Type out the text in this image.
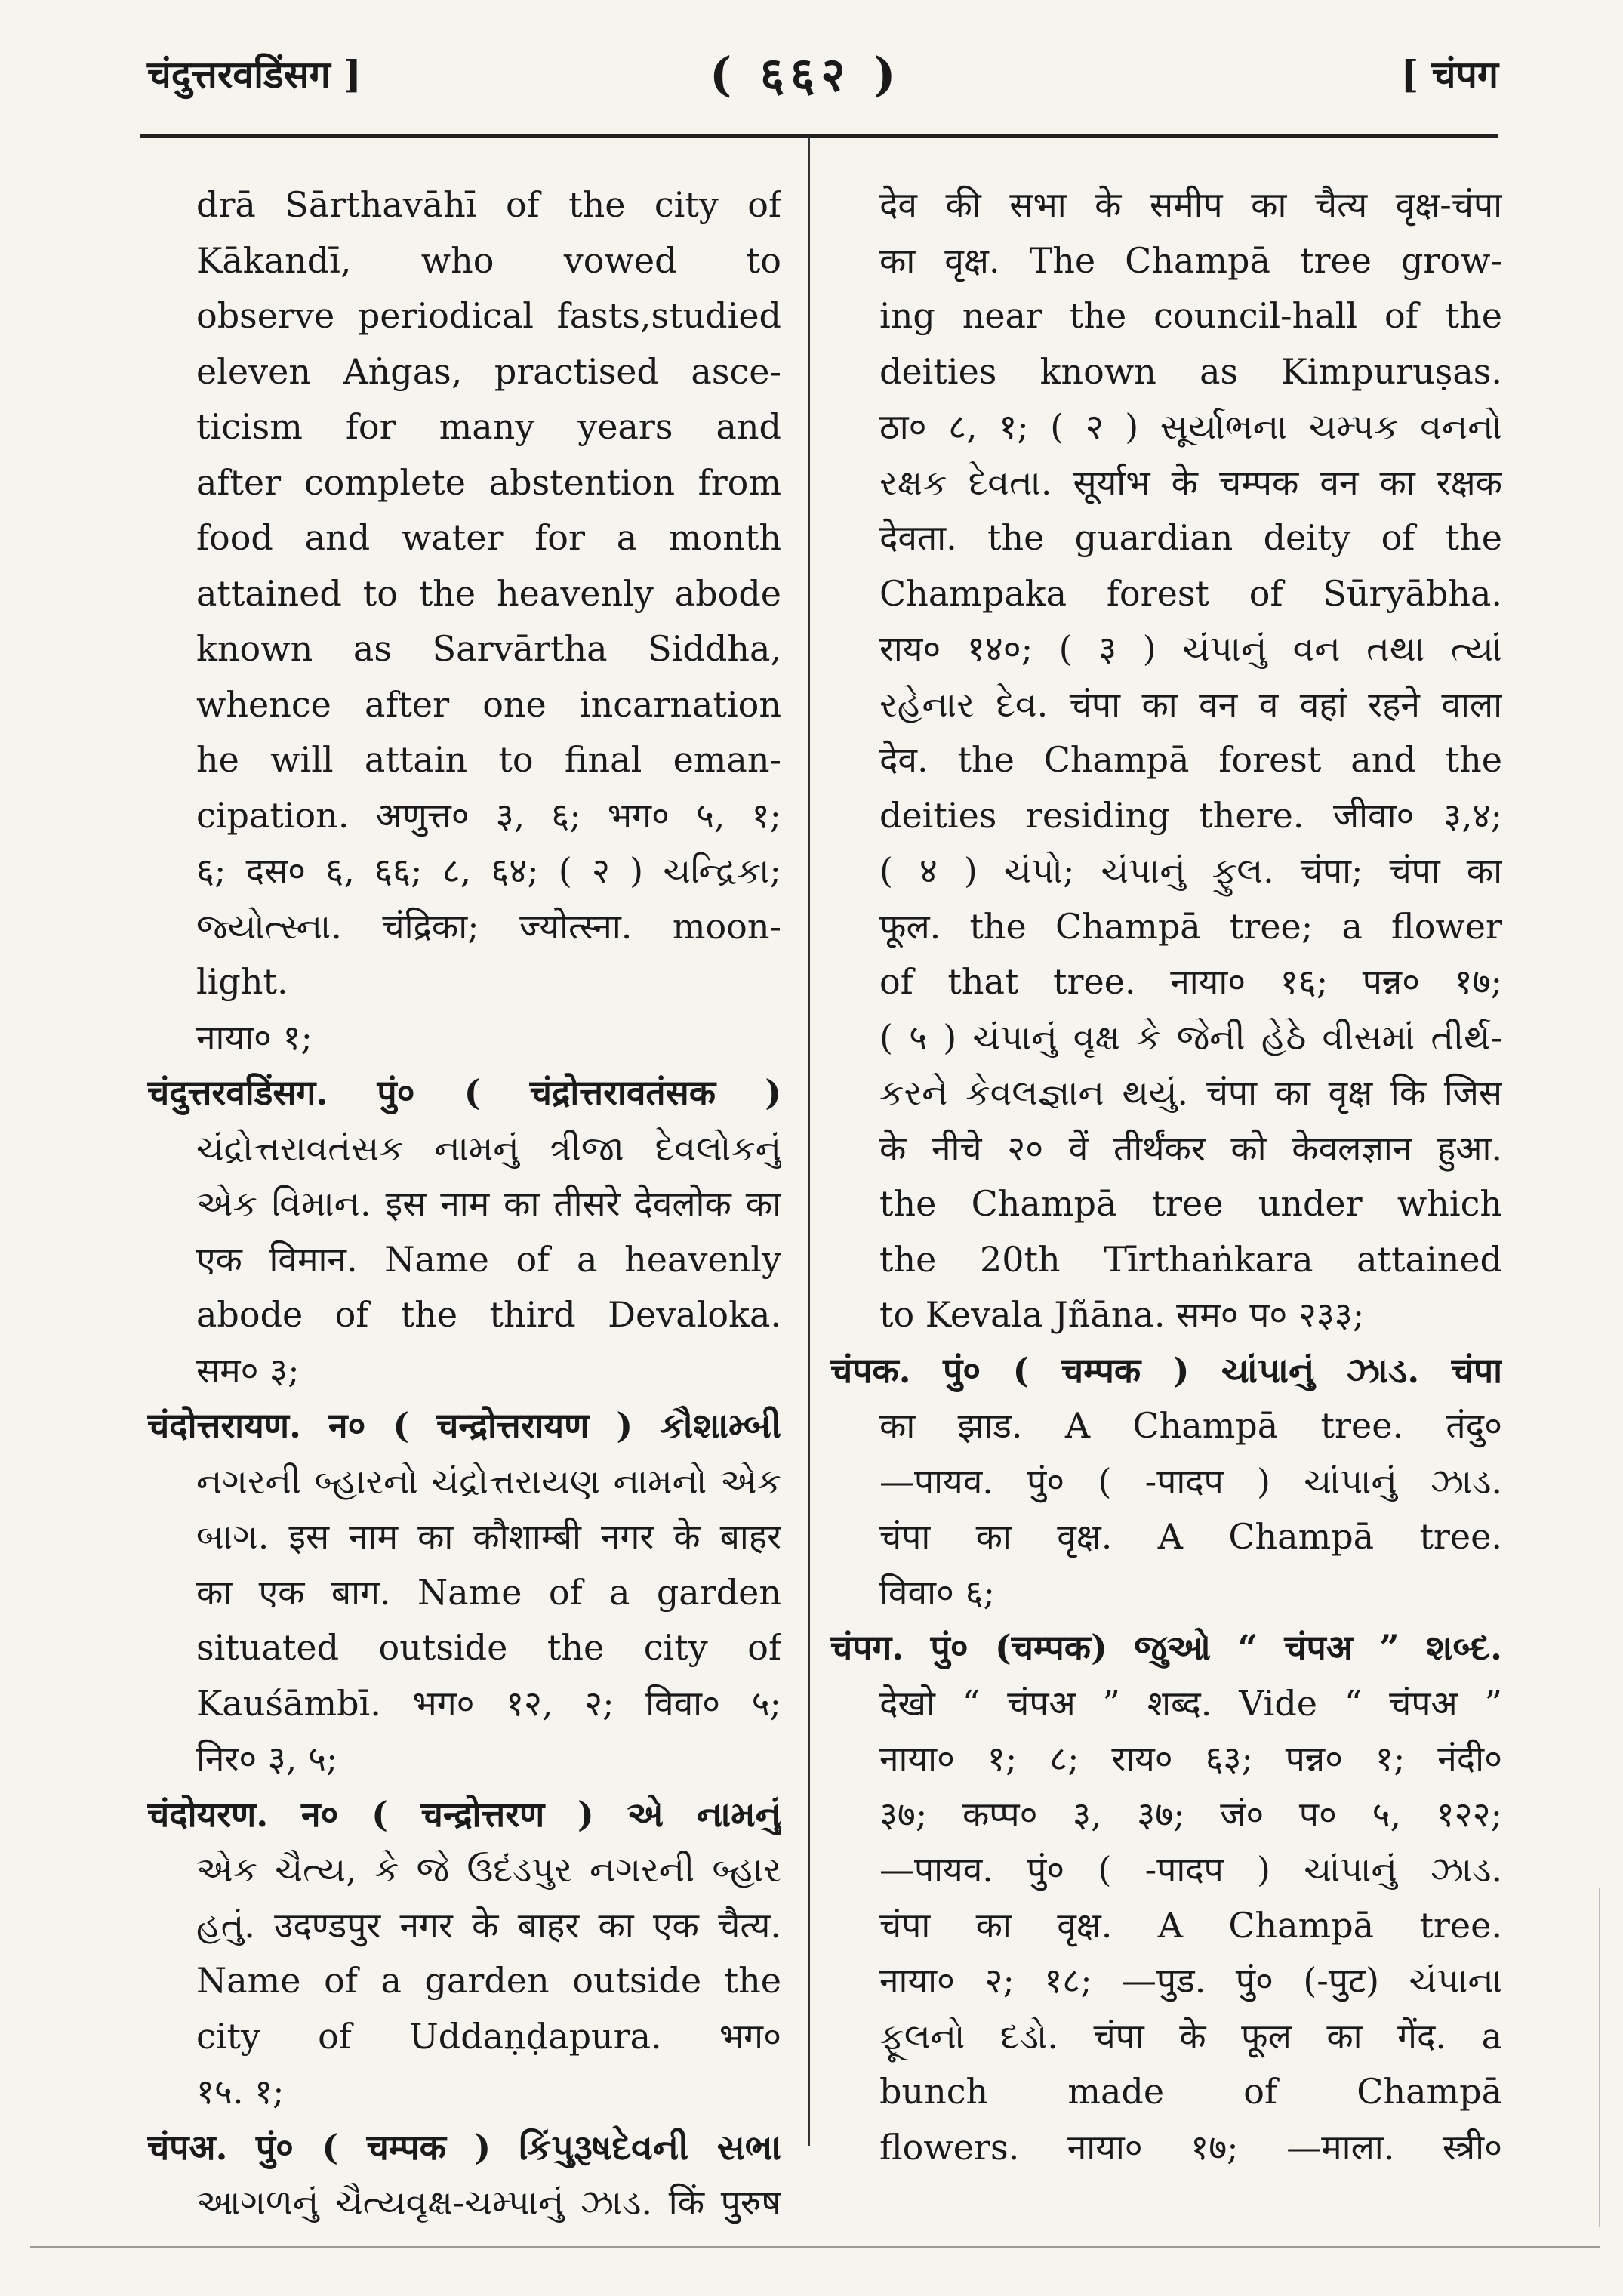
चंदुत्तरवडिंसग ]	( ६६२ )	[ चंपग
drā Sārthavāhī of the city of
Kākandī, who vowed to
observe periodical fasts,studied
eleven Aṅgas, practised asce-
ticism for many years and
after complete abstention from
food and water for a month
attained to the heavenly abode
known as Sarvārtha Siddha,
whence after one incarnation
he will attain to final eman-
cipation. अणुत्त० ३, ६; भग० ५, १;
६; दस० ६, ६६; ८, ६४; ( २ ) ચન્દ્રિકા;
જ્યોત્સ્ના. चंद्रिका; ज्योत्स्ना. moon-light.
नाया० १;
चंदुत्तरवडिंसग. पुं० ( चंद्रोत्तरावतंसक )
ચંદ્રોત્તરાવતંસક નામનું ત્રીજા દેવલોકનું
એક વિમાન. इस नाम का तीसरे देवलोक का
एक विमान. Name of a heavenly
abode of the third Devaloka.
सम० ३;
चंदोत्तरायण. न० ( चन्द्रोत्तरायण ) કૌશામ્બી
નગરની બ્હારનો ચંદ્રોત્તરાયણ નામનો એક
બાગ. इस नाम का कौशाम्बी नगर के बाहर
का एक बाग. Name of a garden
situated outside the city of
Kauśāmbī. भग० १२, २; विवा० ५;
निर० ३, ५;
चंदोयरण. न० ( चन्द्रोत्तरण ) એ નામનું
એક ચૈત્ય, કે જે ઉદંડપુર નગરની બ્હાર
હતું. उदण्डपुर नगर के बाहर का एक चैत्य.
Name of a garden outside the
city of Uddaṇḍapura. भग०
१५. १;
चंपअ. पुं० ( चम्पक ) કિંપુરૂષદેવની સભા
આગળનું ચૈત્યવૃક્ષ-ચમ્પાનું ઝાડ. किं पुरुष
देव की सभा के समीप का चैत्य वृक्ष-चंपा
का वृक्ष. The Champā tree grow-
ing near the council-hall of the
deities known as Kimpuruṣas.
ठा० ८, १; ( २ ) સૂર્યાભના ચમ્પક વનનો
રક્ષક દેવતા. सूर्याभ के चम्पक वन का रक्षक
देवता. the guardian deity of the
Champaka forest of Sūryābha.
राय० १४०; ( ३ ) ચંપાનું વન તથા ત્યાં
રહેનાર દેવ. चंपा का वन व वहां रहने वाला
देव. the Champā forest and the
deities residing there. जीवा० ३,४;
( ४ ) ચંપો; ચંપાનું ફુલ. चंपा; चंपा का
फूल. the Champā tree; a flower
of that tree. नाया० १६; पन्न० १७;
( ५ ) ચંપાનું વૃક્ષ કે જેની હેઠે વીસમાં તીર્થ-
કરને કેવલજ્ઞાન થયું. चंपा का वृक्ष कि जिस
के नीचे २० वें तीर्थंकर को केवलज्ञान हुआ.
the Champā tree under which
the 20th Tīrthaṅkara attained
to Kevala Jñāna. सम० प० २३३;
चंपक. पुं० ( चम्पक ) ચાંપાનું ઝાડ. चंपा
का झाड. A Champā tree. तंदु०
—पायव. पुं० ( -पादप ) ચાંપાનું ઝાડ.
चंपा का वृक्ष. A Champā tree.
विवा० ६;
चंपग. पुं० (चम्पक) જુઓ “ चंपअ ” શબ્દ.
देखो “ चंपअ ” शब्द. Vide “ चंपअ ”
नाया० १; ८; राय० ६३; पन्न० १; नंदी०
३७; कप्प० ३, ३७; जं० प० ५, १२२;
—पायव. पुं० ( -पादप ) ચાંપાનું ઝાડ.
चंपा का वृक्ष. A Champā tree.
नाया० २; १८; —पुड. पुं० (-पुट) ચંપાના
ફૂલનો દડો. चंपा के फूल का गेंद. a
bunch made of Champā
flowers. नाया० १७; —माला. स्त्री०
